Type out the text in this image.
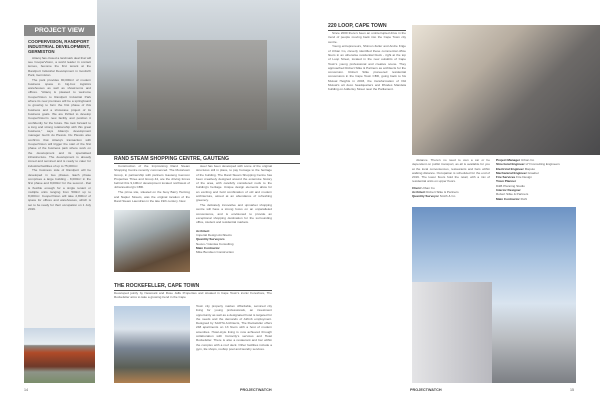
PROJECT VIEW
COOPERVISION, RANDPORT INDUSTRIAL DEVELOPMENT, GERMISTON

Attacq has closed a landmark deal that will see CooperVision, a world leader in contact lenses, become the first tenant at the Randport Industrial Development in Gosforth Park, Germiston.

The park provides 90,000m² of modern business space in big-box logistics warehouses as well as showrooms and offices. "Attacq is pleased to welcome CooperVision to Randport Industrial Park where its new premises will be a springboard to growing to form the first phase of this business and a showcase project of its business goals. We are thrilled to develop CooperVision's new facility and position it confidently for the future. We look forward to a long and strong relationship with this great business," says Attacq's development manager Gerrit du Plessis. Du Plessis also confirms that Attacq's transaction with CooperVision will trigger the start of the first phase of the business park where work on the development and its specialised infrastructure. The development is already zoned and serviced and is ready to cater for industrial facilities of up to 75,000m².

The business side of Randport will be developed in two phases. Each phase comprises a large building - 8,000m² in the first phase and 8,000m² for the second - that is flexible enough for a single tenant or multiple units ranging from 500m² up to 8,000m². CooperVision will take 2,800m² of space for offices and warehouses, which is set to be ready for their occupation on 1 July 2019.

RAND STEAM SHOPPING CENTRE, GAUTENG

Construction of the Improvising Rand Steam Shopping Centre recently commenced. The Motortown Group, in partnership with partners Gauteng Gemcon Properties Three and Group 44, are the driving forces behind this 9,100m² development located northwest of Johannesburg's CBD.

The prime site, situated on the busy Barry Hertzog and Napier Streets, was the original location of the Rand Steam Laundries in the late 19th century. New

steel has been developed with some of the original structures still in place, to pay homage to the heritage of the building. The Rand Steam Shopping Centre has been creatively designed around the extensive history of the area, with carefully considered nods to the building's heritage. Unique design elements allow for an exciting and bold combination of old and modern architecture, aimed at an abundance of refreshing greenery.

The delicately innovative and upmarket shopping centre will have a strong focus on an unparalleled convenience, and is envisioned to provide an exceptional shopping destination for the surrounding office, student and residential markets.

Architect
Imperial Design Architects
Quantity Surveyors
Nexus / Glenlea Consulting
Main Contractor
Mike Bundsen Construction
THE ROCKEFELLER, CAPE TOWN
Developed jointly by Newmark and Rose Jaffe Properties and situated in Cape Town's iconic Foreshore, The Rockefeller aims to take a growing trend in the Cape
Town city property market. Affordable, serviced city living for young professionals, an investment opportunity as well as a designated hotel is targeted for the needs and the demands of Airbnb employment. Designed by SAOTA Architects, The Rockefeller offers 248 apartments on 13 floors with a host of modern amenities. Hotel-style living is now achieved through collaboration with Curiocity's services and Hotel Rockefeller. There is also a restaurant and bar within the complex with a roof deck. Other facilities include a gym, tile shops, rooftop pool and laundry services.
14	PROJECTWATCH
220 LOOP, CAPE TOWN

Since 2000 there's been an uninterrupted drive in the trend of people moving back into the Cape Town city centre.

Young entrepreneurs, Shimon Zeller and Andre Krige of Urban Co, cleverly identified these commercial office floors in an otherwise residential block - right at the top of Loop Street, located in the new outskirts of Cape Town's young professional and creative scene. They approached Robert Silke & Partners as architects for the conversion. Robert Silke pioneered residential conversions in the Cape Town CBD, going back to his Mutual Heights in 2003, the transformation of Old Mutual's art deco headquarters and Rhodes Mandela building on Adderley Street near the Parliament.

distance. There's no need to own a car or be dependent on public transport, as all is available for you at the local conveniences, restaurants and bars within walking distance. Occupation is scheduled for the end of 2019. The lower floors hold the retail, with a mix of residential units on upper floors.

Client Urban Co
Architect Robert Silke & Partners
Quantity Surveyor Smith & Co
Project Manager Urban Co
Structural Engineer LH Consulting Engineers
Electrical Engineer Maputo
Mechanical Engineer Graeber
Fire Services Fire Design
Town Planner
D&B Planning Studio
Interior Designer
Robert Silke & Partners
Main Contractor RoN
PROJECTWATCH	15
